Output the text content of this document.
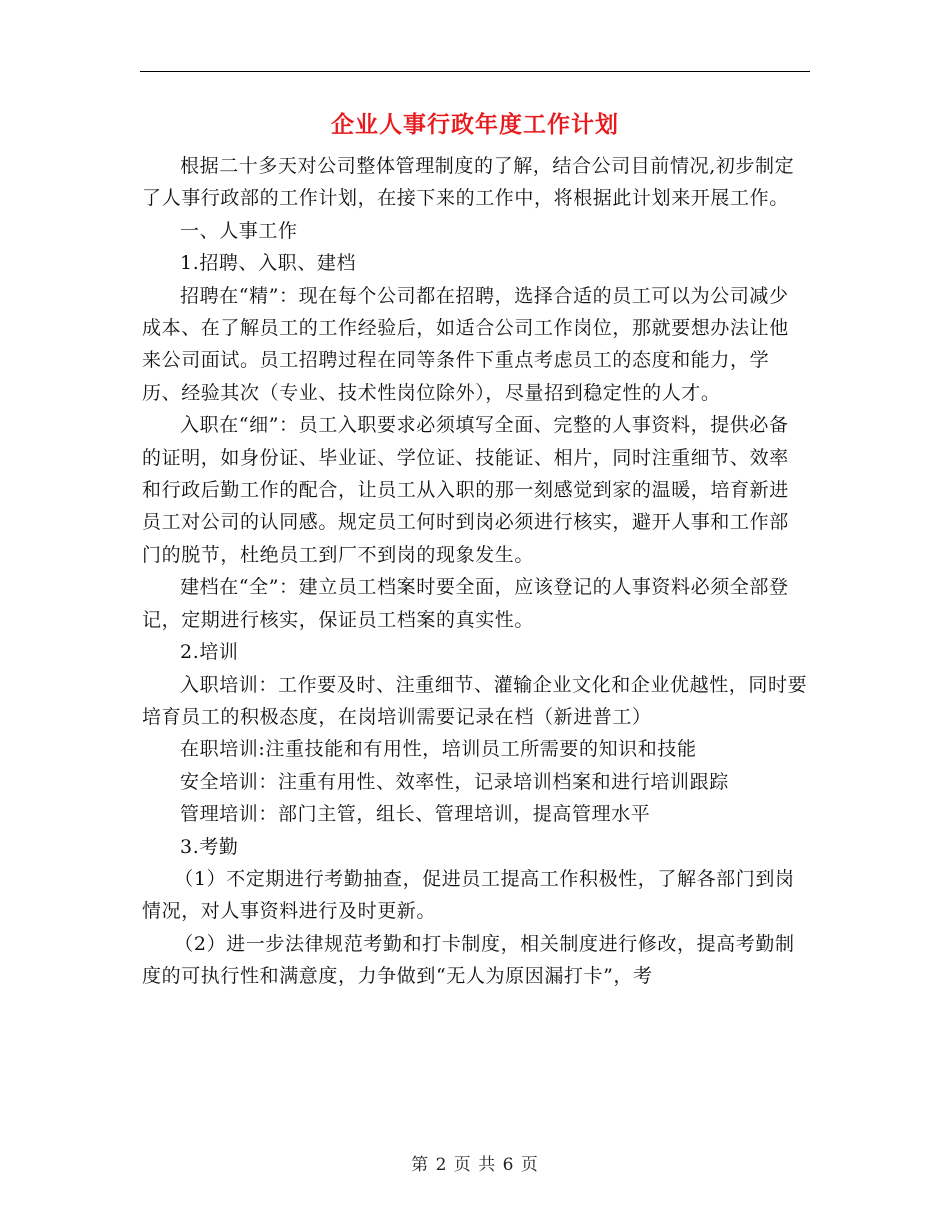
企业人事行政年度工作计划

根据二十多天对公司整体管理制度的了解，结合公司目前情况,初步制定了人事行政部的工作计划，在接下来的工作中，将根据此计划来开展工作。

一、人事工作

1.招聘、入职、建档

招聘在“精”：现在每个公司都在招聘，选择合适的员工可以为公司减少成本、在了解员工的工作经验后，如适合公司工作岗位，那就要想办法让他来公司面试。员工招聘过程在同等条件下重点考虑员工的态度和能力，学历、经验其次（专业、技术性岗位除外），尽量招到稳定性的人才。

入职在“细”：员工入职要求必须填写全面、完整的人事资料，提供必备的证明，如身份证、毕业证、学位证、技能证、相片，同时注重细节、效率和行政后勤工作的配合，让员工从入职的那一刻感觉到家的温暖，培育新进员工对公司的认同感。规定员工何时到岗必须进行核实，避开人事和工作部门的脱节，杜绝员工到厂不到岗的现象发生。

建档在“全”：建立员工档案时要全面，应该登记的人事资料必须全部登记，定期进行核实，保证员工档案的真实性。

2.培训

入职培训：工作要及时、注重细节、灌输企业文化和企业优越性，同时要培育员工的积极态度，在岗培训需要记录在档（新进普工）

在职培训:注重技能和有用性，培训员工所需要的知识和技能

安全培训：注重有用性、效率性，记录培训档案和进行培训跟踪

管理培训：部门主管，组长、管理培训，提高管理水平

3.考勤

（1）不定期进行考勤抽查，促进员工提高工作积极性，了解各部门到岗情况，对人事资料进行及时更新。

（2）进一步法律规范考勤和打卡制度，相关制度进行修改，提高考勤制度的可执行性和满意度，力争做到“无人为原因漏打卡”，考

第 2 页 共 6 页
